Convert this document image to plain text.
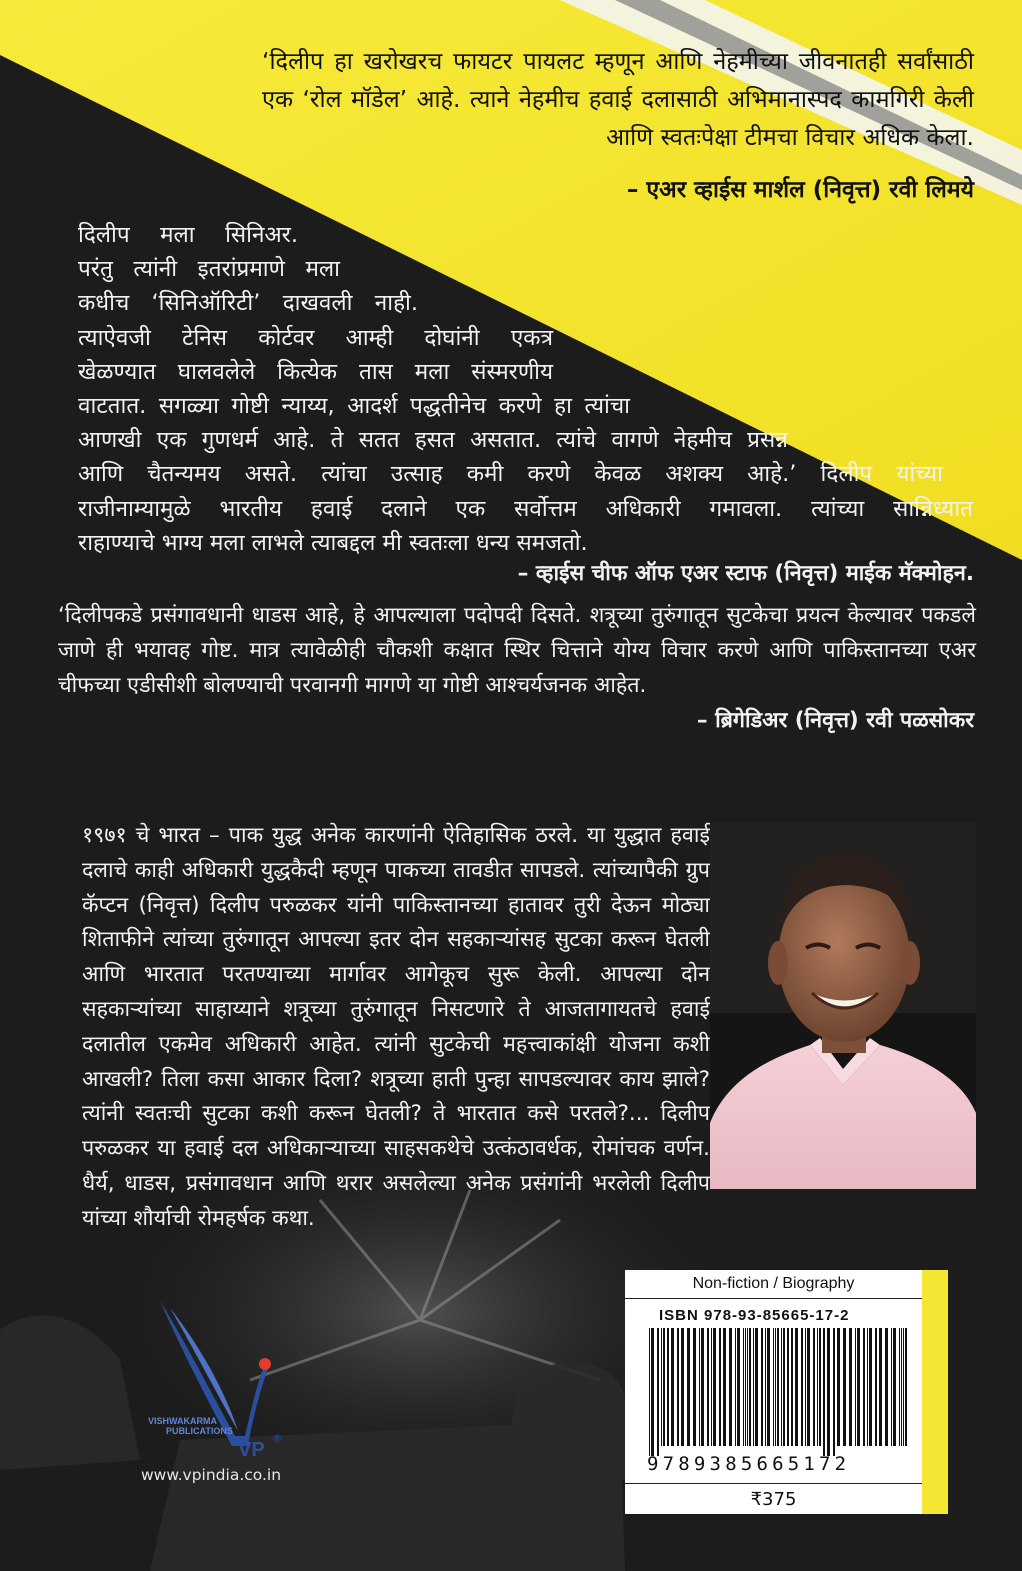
‘दिलीप हा खरोखरच फायटर पायलट म्हणून आणि नेहमीच्या जीवनातही सर्वांसाठी एक ‘रोल मॉडेल’ आहे. त्याने नेहमीच हवाई दलासाठी अभिमानास्पद कामगिरी केली आणि स्वतःपेक्षा टीमचा विचार अधिक केला.

– एअर व्हाईस मार्शल (निवृत्त) रवी लिमये

दिलीप मला सिनिअर.
परंतु त्यांनी इतरांप्रमाणे मला
कधीच ‘सिनिऑरिटी’ दाखवली नाही.
त्याऐवजी टेनिस कोर्टवर आम्ही दोघांनी एकत्र
खेळण्यात घालवलेले कित्येक तास मला संस्मरणीय
वाटतात. सगळ्या गोष्टी न्याय्य, आदर्श पद्धतीनेच करणे हा त्यांचा
आणखी एक गुणधर्म आहे. ते सतत हसत असतात. त्यांचे वागणे नेहमीच प्रसन्न
आणि चैतन्यमय असते. त्यांचा उत्साह कमी करणे केवळ अशक्य आहे.’ दिलीप यांच्या
राजीनाम्यामुळे भारतीय हवाई दलाने एक सर्वोत्तम अधिकारी गमावला. त्यांच्या सान्निध्यात
राहाण्याचे भाग्य मला लाभले त्याबद्दल मी स्वतःला धन्य समजतो.

– व्हाईस चीफ ऑफ एअर स्टाफ (निवृत्त) माईक मॅक्मोहन.

‘दिलीपकडे प्रसंगावधानी धाडस आहे, हे आपल्याला पदोपदी दिसते. शत्रूच्या तुरुंगातून सुटकेचा प्रयत्न केल्यावर पकडले जाणे ही भयावह गोष्ट. मात्र त्यावेळीही चौकशी कक्षात स्थिर चित्ताने योग्य विचार करणे आणि पाकिस्तानच्या एअर चीफच्या एडीसीशी बोलण्याची परवानगी मागणे या गोष्टी आश्चर्यजनक आहेत.

– ब्रिगेडिअर (निवृत्त) रवी पळसोकर

१९७१ चे भारत – पाक युद्ध अनेक कारणांनी ऐतिहासिक ठरले. या युद्धात हवाई दलाचे काही अधिकारी युद्धकैदी म्हणून पाकच्या तावडीत सापडले. त्यांच्यापैकी ग्रुप कॅप्टन (निवृत्त) दिलीप परुळकर यांनी पाकिस्तानच्या हातावर तुरी देऊन मोठ्या शिताफीने त्यांच्या तुरुंगातून आपल्या इतर दोन सहकाऱ्यांसह सुटका करून घेतली आणि भारतात परतण्याच्या मार्गावर आगेकूच सुरू केली. आपल्या दोन सहकाऱ्यांच्या साहाय्याने शत्रूच्या तुरुंगातून निसटणारे ते आजतागायतचे हवाई दलातील एकमेव अधिकारी आहेत. त्यांनी सुटकेची महत्त्वाकांक्षी योजना कशी आखली? तिला कसा आकार दिला? शत्रूच्या हाती पुन्हा सापडल्यावर काय झाले? त्यांनी स्वतःची सुटका कशी करून घेतली? ते भारतात कसे परतले?... दिलीप परुळकर या हवाई दल अधिकाऱ्याच्या साहसकथेचे उत्कंठावर्धक, रोमांचक वर्णन. धैर्य, धाडस, प्रसंगावधान आणि थरार असलेल्या अनेक प्रसंगांनी भरलेली दिलीप यांच्या शौर्याची रोमहर्षक कथा.

VISHWAKARMA
PUBLICATIONS
VP
®

www.vpindia.co.in

Non-fiction / Biography

ISBN 978-93-85665-17-2

9789385665172

₹375
